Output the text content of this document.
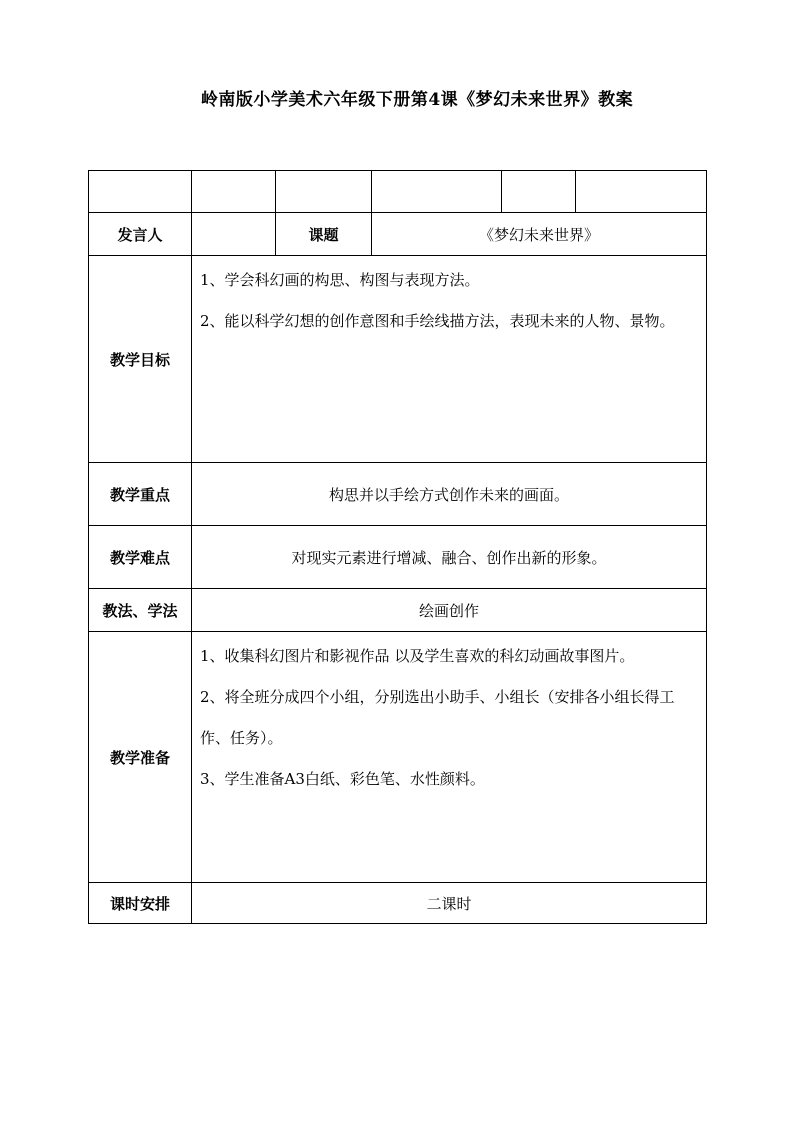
岭南版小学美术六年级下册第4课《梦幻未来世界》教案

发言人		课题	《梦幻未来世界》		
教学目标	1、学会科幻画的构思、构图与表现方法。

2、能以科学幻想的创作意图和手绘线描方法，表现未来的人物、景物。				

教学重点	构思并以手绘方式创作未来的画面。				
教学难点	对现实元素进行增减、融合、创作出新的形象。				
教法、学法	绘画创作				
教学准备	1、收集科幻图片和影视作品 以及学生喜欢的科幻动画故事图片。

2、将全班分成四个小组，分别选出小助手、小组长（安排各小组长得工作、任务）。

3、学生准备A3白纸、彩色笔、水性颜料。				

课时安排	二课时				
